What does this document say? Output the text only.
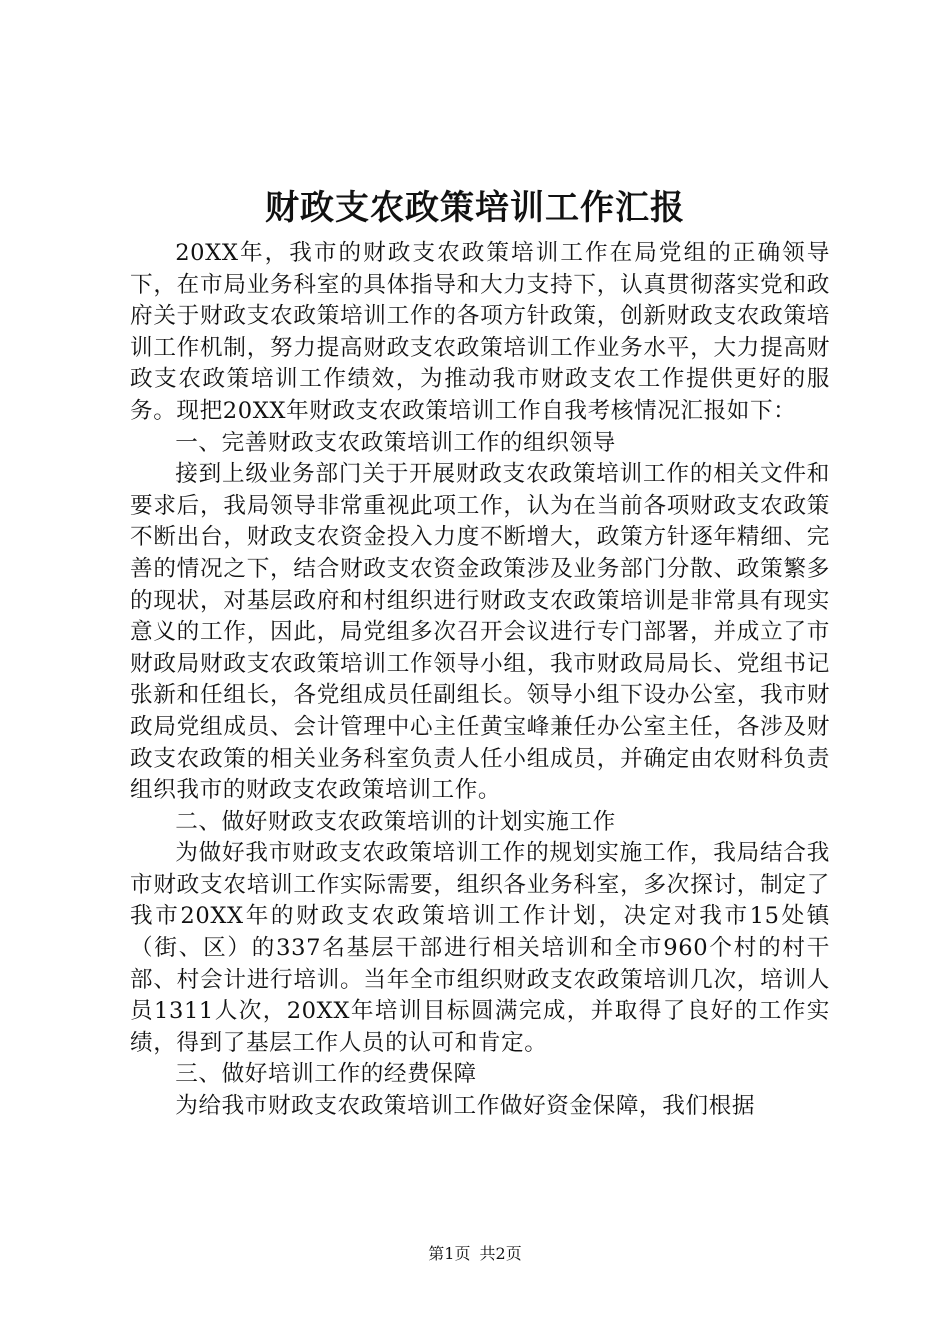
财政支农政策培训工作汇报

20XX年，我市的财政支农政策培训工作在局党组的正确领导下，在市局业务科室的具体指导和大力支持下，认真贯彻落实党和政府关于财政支农政策培训工作的各项方针政策，创新财政支农政策培训工作机制，努力提高财政支农政策培训工作业务水平，大力提高财政支农政策培训工作绩效，为推动我市财政支农工作提供更好的服务。现把20XX年财政支农政策培训工作自我考核情况汇报如下：

一、完善财政支农政策培训工作的组织领导

接到上级业务部门关于开展财政支农政策培训工作的相关文件和要求后，我局领导非常重视此项工作，认为在当前各项财政支农政策不断出台，财政支农资金投入力度不断增大，政策方针逐年精细、完善的情况之下，结合财政支农资金政策涉及业务部门分散、政策繁多的现状，对基层政府和村组织进行财政支农政策培训是非常具有现实意义的工作，因此，局党组多次召开会议进行专门部署，并成立了市财政局财政支农政策培训工作领导小组，我市财政局局长、党组书记张新和任组长，各党组成员任副组长。领导小组下设办公室，我市财政局党组成员、会计管理中心主任黄宝峰兼任办公室主任，各涉及财政支农政策的相关业务科室负责人任小组成员，并确定由农财科负责组织我市的财政支农政策培训工作。

二、做好财政支农政策培训的计划实施工作

为做好我市财政支农政策培训工作的规划实施工作，我局结合我市财政支农培训工作实际需要，组织各业务科室，多次探讨，制定了我市20XX年的财政支农政策培训工作计划，决定对我市15处镇（街、区）的337名基层干部进行相关培训和全市960个村的村干部、村会计进行培训。当年全市组织财政支农政策培训几次，培训人员1311人次，20XX年培训目标圆满完成，并取得了良好的工作实绩，得到了基层工作人员的认可和肯定。

三、做好培训工作的经费保障

为给我市财政支农政策培训工作做好资金保障，我们根据

第1页 共2页
